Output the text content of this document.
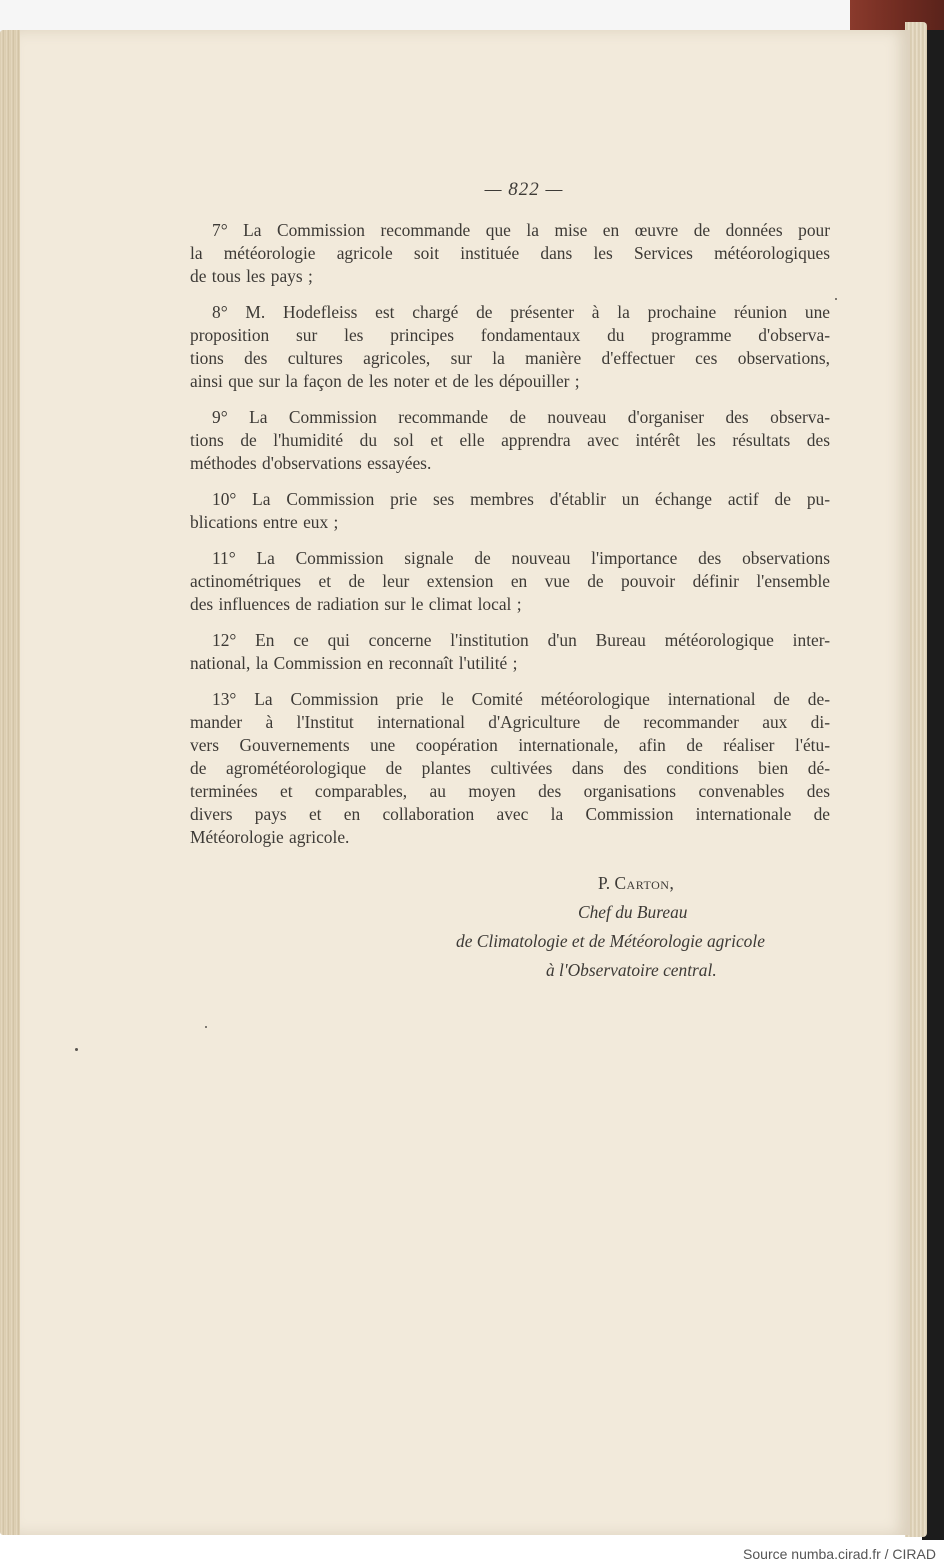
— 822 —
7° La Commission recommande que la mise en œuvre de données pour
la météorologie agricole soit instituée dans les Services météorologiques
de tous les pays ;
8° M. Hodefleiss est chargé de présenter à la prochaine réunion une
proposition sur les principes fondamentaux du programme d'observa-
tions des cultures agricoles, sur la manière d'effectuer ces observations,
ainsi que sur la façon de les noter et de les dépouiller ;
9° La Commission recommande de nouveau d'organiser des observa-
tions de l'humidité du sol et elle apprendra avec intérêt les résultats des
méthodes d'observations essayées.
10° La Commission prie ses membres d'établir un échange actif de pu-
blications entre eux ;
11° La Commission signale de nouveau l'importance des observations
actinométriques et de leur extension en vue de pouvoir définir l'ensemble
des influences de radiation sur le climat local ;
12° En ce qui concerne l'institution d'un Bureau météorologique inter-
national, la Commission en reconnaît l'utilité ;
13° La Commission prie le Comité météorologique international de de-
mander à l'Institut international d'Agriculture de recommander aux di-
vers Gouvernements une coopération internationale, afin de réaliser l'étu-
de agrométéorologique de plantes cultivées dans des conditions bien dé-
terminées et comparables, au moyen des organisations convenables des
divers pays et en collaboration avec la Commission internationale de
Météorologie agricole.
P. Carton,
Chef du Bureau
de Climatologie et de Météorologie agricole
à l'Observatoire central.
Source numba.cirad.fr / CIRAD
